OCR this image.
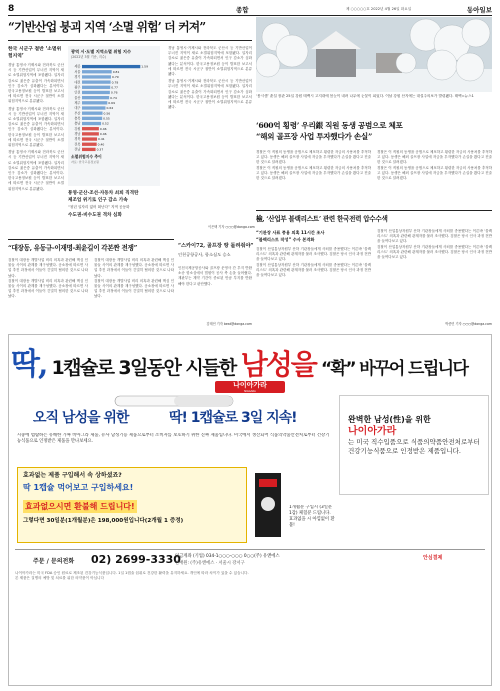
8	종합	제 ○○○○○호 2022년 4월 26일 화요일	동아일보
“기반산업 붕괴 지역 ‘소멸 위험’ 더 커져”
한국 시군구 절반 ‘소멸위험지역’
경남 통영시·거제시와 전라북도 군산시 등 기반산업이 무너진 지역이 새로 소멸위험지역에 포함됐다. 일자리 감소로 젊은층 유출이 가속화되면서 인구 감소가 심화됐다는 분석이다. 한국고용정보원 등이 발표한 보고서에 따르면 전국 시군구 절반이 소멸위험지역으로 분류됐다.
경남 통영시·거제시와 전라북도 군산시 등 기반산업이 무너진 지역이 새로 소멸위험지역에 포함됐다. 일자리 감소로 젊은층 유출이 가속화되면서 인구 감소가 심화됐다는 분석이다. 한국고용정보원 등이 발표한 보고서에 따르면 전국 시군구 절반이 소멸위험지역으로 분류됐다.
경남 통영시·거제시와 전라북도 군산시 등 기반산업이 무너진 지역이 새로 소멸위험지역에 포함됐다. 일자리 감소로 젊은층 유출이 가속화되면서 인구 감소가 심화됐다는 분석이다. 한국고용정보원 등이 발표한 보고서에 따르면 전국 시군구 절반이 소멸위험지역으로 분류됐다.
광역 시·도별 지역소멸 위험 지수
(2022년 3월 기준, 지수)
세종	1.59
서울	0.81
경기	0.79
대전	0.78
광주	0.77
인천	0.76
울산	0.74
제주	0.69
대구	0.64
부산	0.56
충북	0.55
충남	0.52
강원	0.46
경남	0.46
경북	0.41
전북	0.40
전남	0.37
소멸위험지수 추이
자료: 한국고용정보원
경남 통영시·거제시와 전라북도 군산시 등 기반산업이 무너진 지역이 새로 소멸위험지역에 포함됐다. 일자리 감소로 젊은층 유출이 가속화되면서 인구 감소가 심화됐다는 분석이다. 한국고용정보원 등이 발표한 보고서에 따르면 전국 시군구 절반이 소멸위험지역으로 분류됐다.
경남 통영시·거제시와 전라북도 군산시 등 기반산업이 무너진 지역이 새로 소멸위험지역에 포함됐다. 일자리 감소로 젊은층 유출이 가속화되면서 인구 감소가 심화됐다는 분석이다. 한국고용정보원 등이 발표한 보고서에 따르면 전국 시군구 절반이 소멸위험지역으로 분류됐다.
통영·군산·조선·자동차 쇠퇴 직격탄
제조업 위기로 인구 감소 가속
“청년 일자리 없어 떠난다” 지역 공동화
수도권-비수도권 격차 심화
이은택 기자 ○○○@donga.com
‘봄시샘’ 춘설 장관 25일 강원 태백시 고지대에 봄눈이 내려 나무에 눈꽃이 피었다. 이날 강원 산지에는 대설주의보가 발령됐다. 태백=뉴스1
‘600억 횡령’ 우리銀 직원 동생 공범으로 체포
“해외 골프장 사업 투자했다가 손실”
경찰은 이 직원의 동생을 공범으로 체포하고 횡령한 자금의 사용처를 추적하고 있다. 동생은 해외 골프장 사업에 자금을 투자했다가 손실을 봤다고 진술한 것으로 알려졌다.
경찰은 이 직원의 동생을 공범으로 체포하고 횡령한 자금의 사용처를 추적하고 있다. 동생은 해외 골프장 사업에 자금을 투자했다가 손실을 봤다고 진술한 것으로 알려졌다.
경찰은 이 직원의 동생을 공범으로 체포하고 횡령한 자금의 사용처를 추적하고 있다. 동생은 해외 골프장 사업에 자금을 투자했다가 손실을 봤다고 진술한 것으로 알려졌다.
경찰은 이 직원의 동생을 공범으로 체포하고 횡령한 자금의 사용처를 추적하고 있다. 동생은 해외 골프장 사업에 자금을 투자했다가 손실을 봤다고 진술한 것으로 알려졌다.
“대장동, 유동규-이재명-최윤길이 각본짠 전쟁”
검찰이 대장동 개발사업 비리 의혹과 관련해 핵심 인물들 사이의 관계를 재구성했다. 공소장에 따르면 사업 추진 과정에서 이들이 긴밀히 협의한 것으로 나타났다.
검찰이 대장동 개발사업 비리 의혹과 관련해 핵심 인물들 사이의 관계를 재구성했다. 공소장에 따르면 사업 추진 과정에서 이들이 긴밀히 협의한 것으로 나타났다.
검찰이 대장동 개발사업 비리 의혹과 관련해 핵심 인물들 사이의 관계를 재구성했다. 공소장에 따르면 사업 추진 과정에서 이들이 긴밀히 협의한 것으로 나타났다.
검찰이 대장동 개발사업 비리 의혹과 관련해 핵심 인물들 사이의 관계를 재구성했다. 공소장에 따르면 사업 추진 과정에서 이들이 긴밀히 협의한 것으로 나타났다.
“스카이72, 골프장 땅 돌려줘야”
인천공항공사, 항소심도 승소
인천국제공항공사와 골프장 운영사 간 부지 반환 소송 항소심에서 법원이 공사 측 손을 들어줬다. 재판부는 계약 기간이 종료된 만큼 부지를 반환해야 한다고 판단했다.
김태언 기자 beat@donga.com
檢, ‘산업부 블랙리스트’ 관련 한국전력 압수수색
“기관장 사표 종용 의혹 11시간 조사
“블랙리스트 작성” 수사 본격화
검찰이 산업통상자원부 산하 기관장들에게 사퇴를 종용했다는 이른바 ‘블랙리스트’ 의혹과 관련해 관계자를 불러 조사했다. 검찰은 당시 인사 과정 전반을 들여다보고 있다.
검찰이 산업통상자원부 산하 기관장들에게 사퇴를 종용했다는 이른바 ‘블랙리스트’ 의혹과 관련해 관계자를 불러 조사했다. 검찰은 당시 인사 과정 전반을 들여다보고 있다.
검찰이 산업통상자원부 산하 기관장들에게 사퇴를 종용했다는 이른바 ‘블랙리스트’ 의혹과 관련해 관계자를 불러 조사했다. 검찰은 당시 인사 과정 전반을 들여다보고 있다.
검찰이 산업통상자원부 산하 기관장들에게 사퇴를 종용했다는 이른바 ‘블랙리스트’ 의혹과 관련해 관계자를 불러 조사했다. 검찰은 당시 인사 과정 전반을 들여다보고 있다.
박종민 기자 ○○○@donga.com
딱, 1캡슐로 3일동안 시들한 남성을 “확” 바꾸어 드립니다
나이아가라
NIAGARA
오직 남성을 위한	딱! 1캡슐로 3일 지속!	완벽한 남성(性)을 위한
나이아가라
는 미국 직수입품으로 식품의약품안전처로부터 건강기능식품으로 인정받은 제품입니다.
시중에 범람하는 유해한 가짜 비아그라 제품, 유사 남성기능 제품으로부터 소비자를 보호하기 위한 진짜 제품입니다. 미국에서 생산되어 식품의약품안전처로부터 건강기능식품으로 인정받은 제품을 만나보세요.
효과없는 제품 구입해서 속 상하셨죠?
딱 1캡슐 먹어보고 구입하세요!
효과없으시면 환불해 드립니다!
그렇다면 30일분(1개월분)은 198,000원입니다(2개월 1 증정)
1개월분 구입시 (3일분 1갑) 체험분 드립니다. 효과없을 시 아낌없이 환불!
주문 / 문의전화 02) 2699-3330
입금계좌 (기업) 034-1○○○-○○○ 0○○(주) 유앤에스
판매원: (주)유앤에스 · 서울시 강서구
안심결제
나이아가라는 미국 FDA 승인 원료로 제조된 건강기능식품입니다. 1일 1캡슐 섭취로 건강한 활력을 유지하세요. 개인에 따라 차이가 있을 수 있습니다.
본 제품은 질병의 예방 및 치료를 위한 의약품이 아닙니다
